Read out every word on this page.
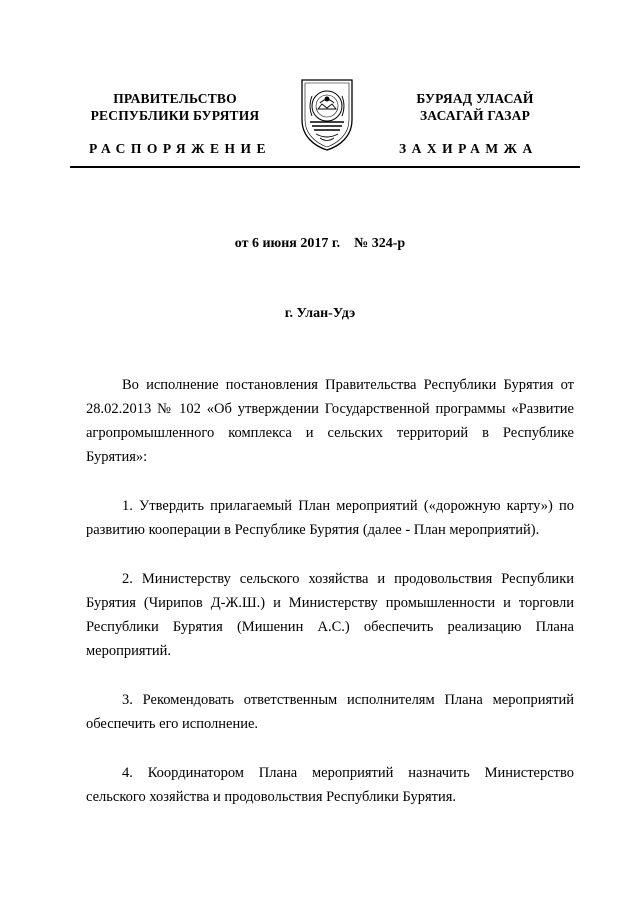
ПРАВИТЕЛЬСТВО
РЕСПУБЛИКИ БУРЯТИЯ
БУРЯАД УЛАСАЙ
ЗАСАГАЙ ГАЗАР
РАСПОРЯЖЕНИЕ	ЗАХИРАМЖА
от 6 июня 2017 г. № 324-р
г. Улан-Удэ

Во исполнение постановления Правительства Республики Бурятия от 28.02.2013 № 102 «Об утверждении Государственной программы «Развитие агропромышленного комплекса и сельских территорий в Республике Бурятия»:

1. Утвердить прилагаемый План мероприятий («дорожную карту») по развитию кооперации в Республике Бурятия (далее - План мероприятий).

2. Министерству сельского хозяйства и продовольствия Республики Бурятия (Чирипов Д-Ж.Ш.) и Министерству промышленности и торговли Республики Бурятия (Мишенин А.С.) обеспечить реализацию Плана мероприятий.

3. Рекомендовать ответственным исполнителям Плана мероприятий обеспечить его исполнение.

4. Координатором Плана мероприятий назначить Министерство сельского хозяйства и продовольствия Республики Бурятия.
